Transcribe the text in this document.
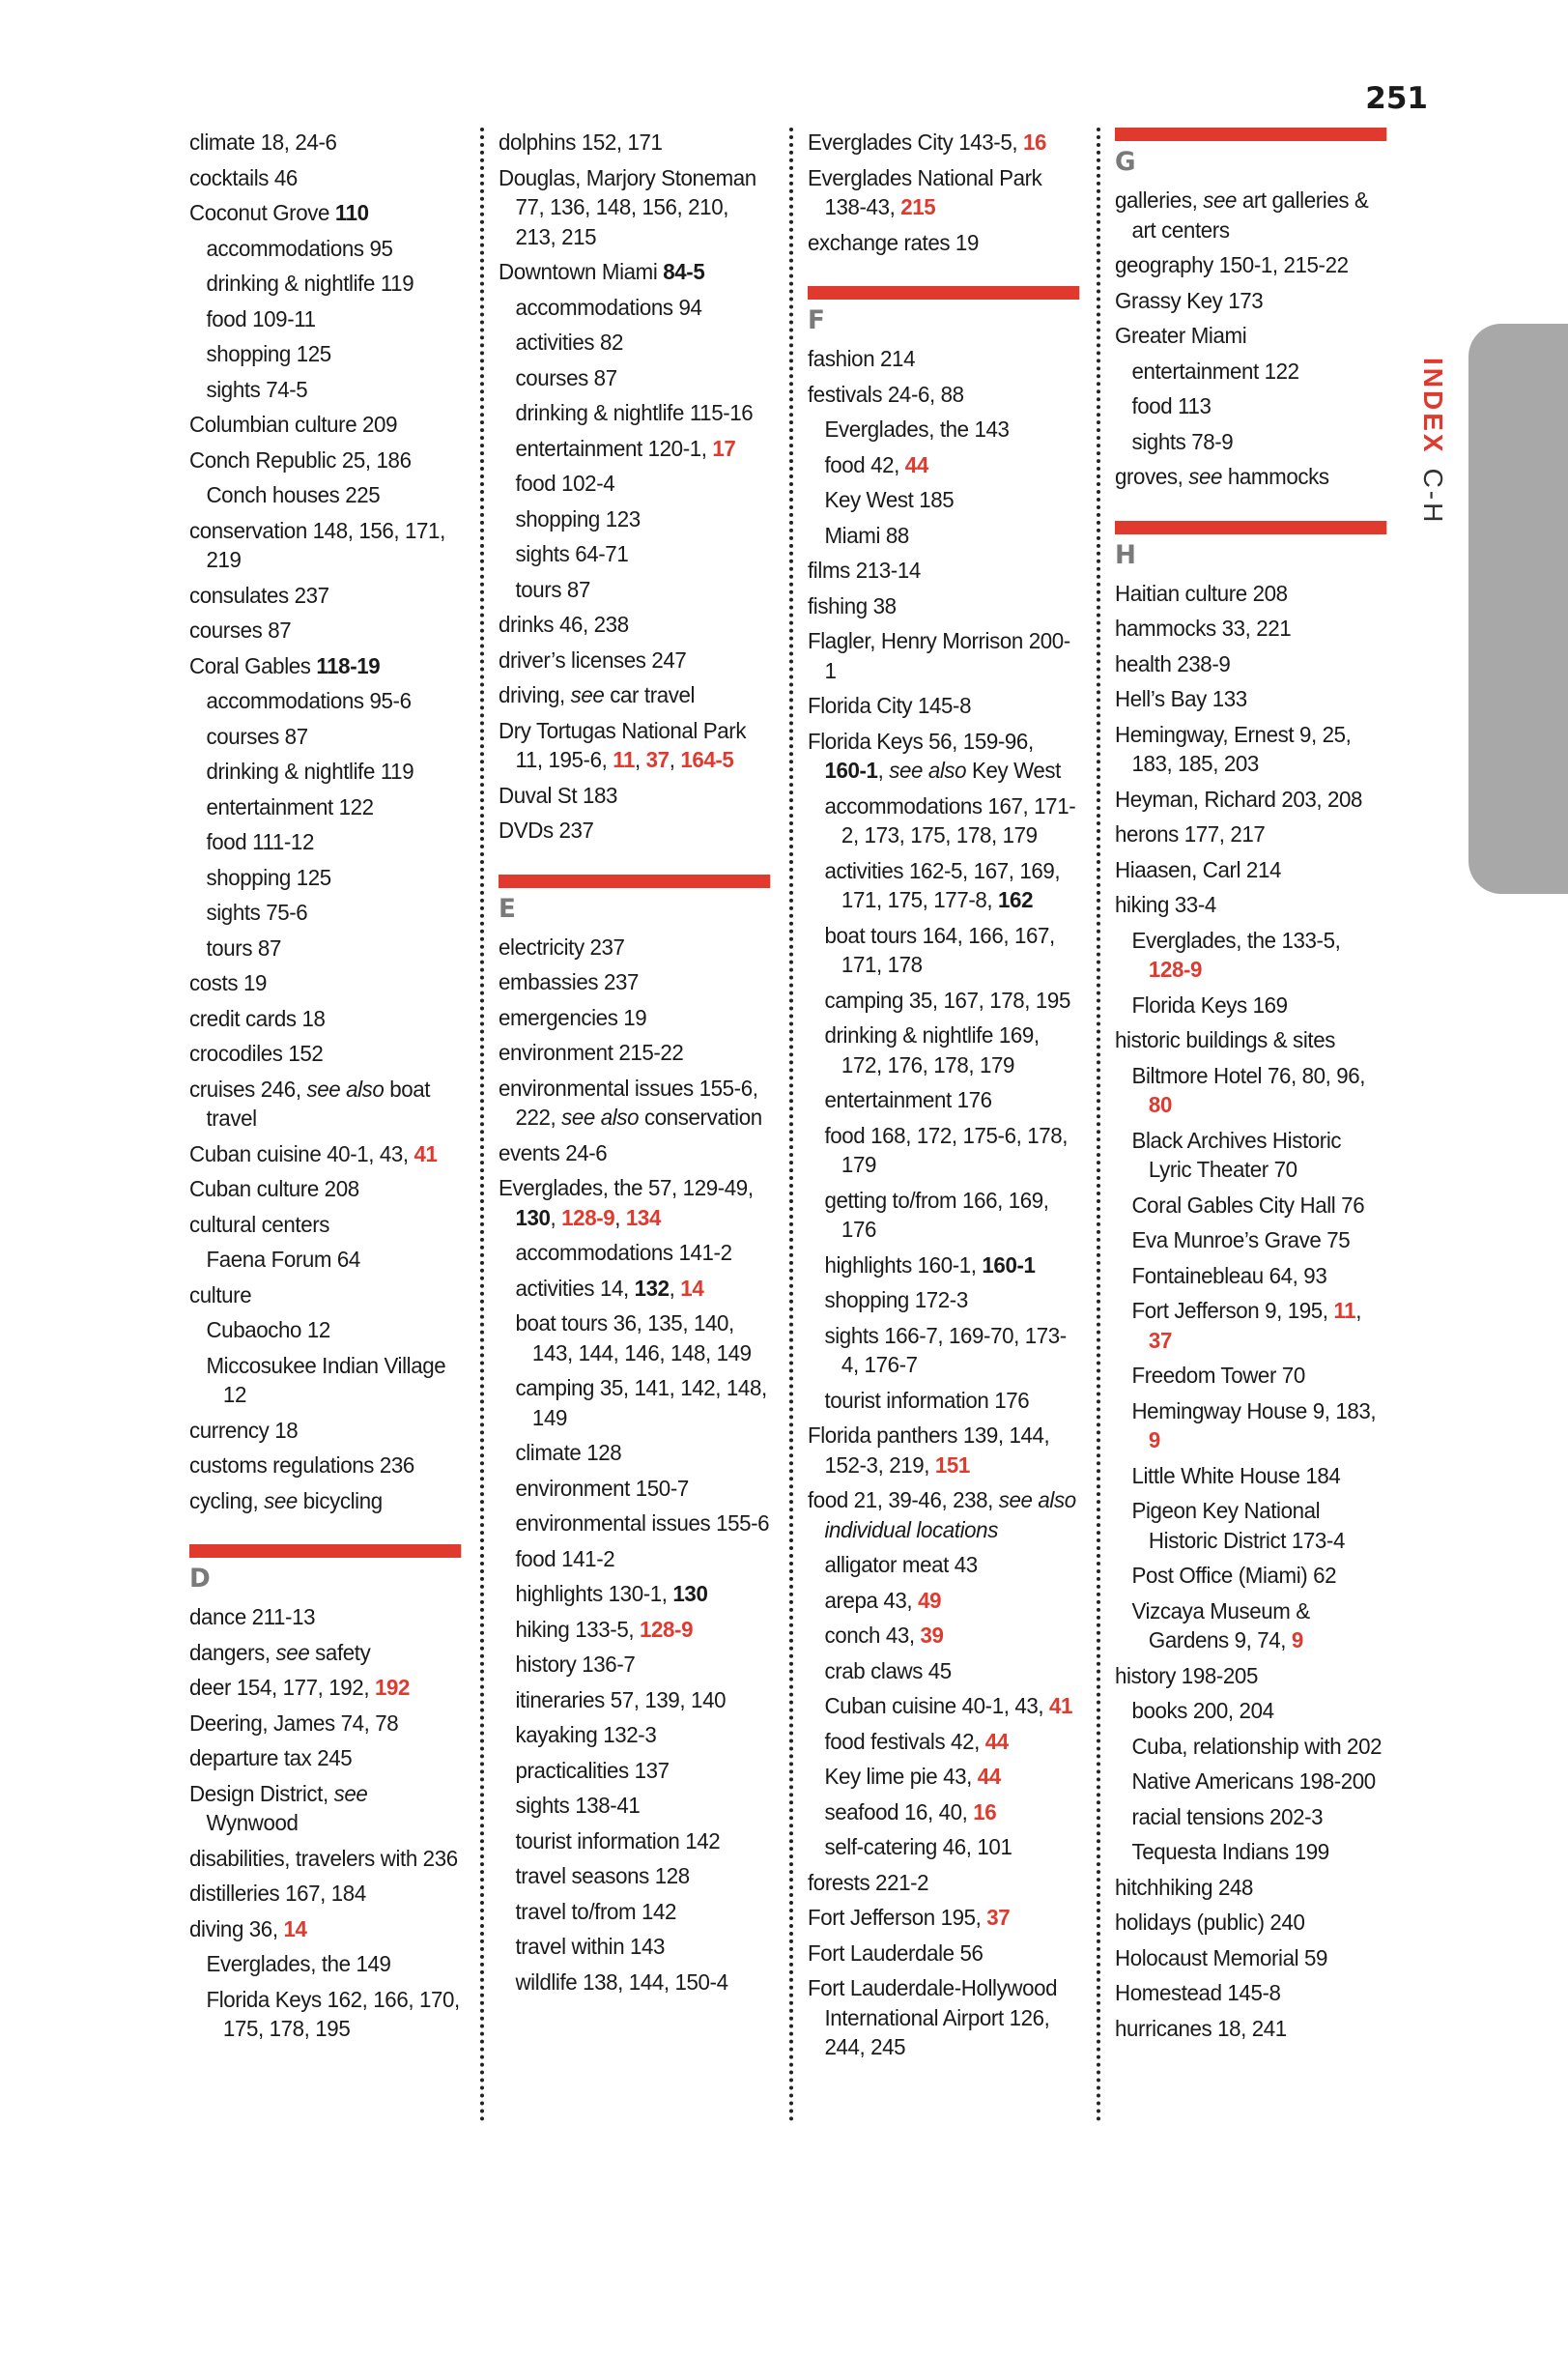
251
INDEXC-H
climate 18, 24-6
cocktails 46
Coconut Grove 110
accommodations 95
drinking & nightlife 119
food 109-11
shopping 125
sights 74-5
Columbian culture 209
Conch Republic 25, 186
Conch houses 225
conservation 148, 156, 171, 219
consulates 237
courses 87
Coral Gables 118-19
accommodations 95-6
courses 87
drinking & nightlife 119
entertainment 122
food 111-12
shopping 125
sights 75-6
tours 87
costs 19
credit cards 18
crocodiles 152
cruises 246, see also boat travel
Cuban cuisine 40-1, 43, 41
Cuban culture 208
cultural centers
Faena Forum 64
culture
Cubaocho 12
Miccosukee Indian Village 12
currency 18
customs regulations 236
cycling, see bicycling
D
dance 211-13
dangers, see safety
deer 154, 177, 192, 192
Deering, James 74, 78
departure tax 245
Design District, see Wynwood
disabilities, travelers with 236
distilleries 167, 184
diving 36, 14
Everglades, the 149
Florida Keys 162, 166, 170, 175, 178, 195
dolphins 152, 171
Douglas, Marjory Stoneman 77, 136, 148, 156, 210, 213, 215
Downtown Miami 84-5
accommodations 94
activities 82
courses 87
drinking & nightlife 115-16
entertainment 120-1, 17
food 102-4
shopping 123
sights 64-71
tours 87
drinks 46, 238
driver’s licenses 247
driving, see car travel
Dry Tortugas National Park 11, 195-6, 11, 37, 164-5
Duval St 183
DVDs 237
E
electricity 237
embassies 237
emergencies 19
environment 215-22
environmental issues 155-6, 222, see also conservation
events 24-6
Everglades, the 57, 129-49, 130, 128-9, 134
accommodations 141-2
activities 14, 132, 14
boat tours 36, 135, 140, 143, 144, 146, 148, 149
camping 35, 141, 142, 148, 149
climate 128
environment 150-7
environmental issues 155-6
food 141-2
highlights 130-1, 130
hiking 133-5, 128-9
history 136-7
itineraries 57, 139, 140
kayaking 132-3
practicalities 137
sights 138-41
tourist information 142
travel seasons 128
travel to/from 142
travel within 143
wildlife 138, 144, 150-4
Everglades City 143-5, 16
Everglades National Park 138-43, 215
exchange rates 19
F
fashion 214
festivals 24-6, 88
Everglades, the 143
food 42, 44
Key West 185
Miami 88
films 213-14
fishing 38
Flagler, Henry Morrison 200-1
Florida City 145-8
Florida Keys 56, 159-96, 160-1, see also Key West
accommodations 167, 171-2, 173, 175, 178, 179
activities 162-5, 167, 169, 171, 175, 177-8, 162
boat tours 164, 166, 167, 171, 178
camping 35, 167, 178, 195
drinking & nightlife 169, 172, 176, 178, 179
entertainment 176
food 168, 172, 175-6, 178, 179
getting to/from 166, 169, 176
highlights 160-1, 160-1
shopping 172-3
sights 166-7, 169-70, 173-4, 176-7
tourist information 176
Florida panthers 139, 144, 152-3, 219, 151
food 21, 39-46, 238, see also individual locations
alligator meat 43
arepa 43, 49
conch 43, 39
crab claws 45
Cuban cuisine 40-1, 43, 41
food festivals 42, 44
Key lime pie 43, 44
seafood 16, 40, 16
self-catering 46, 101
forests 221-2
Fort Jefferson 195, 37
Fort Lauderdale 56
Fort Lauderdale-Hollywood International Airport 126, 244, 245
G
galleries, see art galleries & art centers
geography 150-1, 215-22
Grassy Key 173
Greater Miami
entertainment 122
food 113
sights 78-9
groves, see hammocks
H
Haitian culture 208
hammocks 33, 221
health 238-9
Hell’s Bay 133
Hemingway, Ernest 9, 25, 183, 185, 203
Heyman, Richard 203, 208
herons 177, 217
Hiaasen, Carl 214
hiking 33-4
Everglades, the 133-5, 128-9
Florida Keys 169
historic buildings & sites
Biltmore Hotel 76, 80, 96, 80
Black Archives Historic Lyric Theater 70
Coral Gables City Hall 76
Eva Munroe’s Grave 75
Fontainebleau 64, 93
Fort Jefferson 9, 195, 11, 37
Freedom Tower 70
Hemingway House 9, 183, 9
Little White House 184
Pigeon Key National Historic District 173-4
Post Office (Miami) 62
Vizcaya Museum & Gardens 9, 74, 9
history 198-205
books 200, 204
Cuba, relationship with 202
Native Americans 198-200
racial tensions 202-3
Tequesta Indians 199
hitchhiking 248
holidays (public) 240
Holocaust Memorial 59
Homestead 145-8
hurricanes 18, 241
